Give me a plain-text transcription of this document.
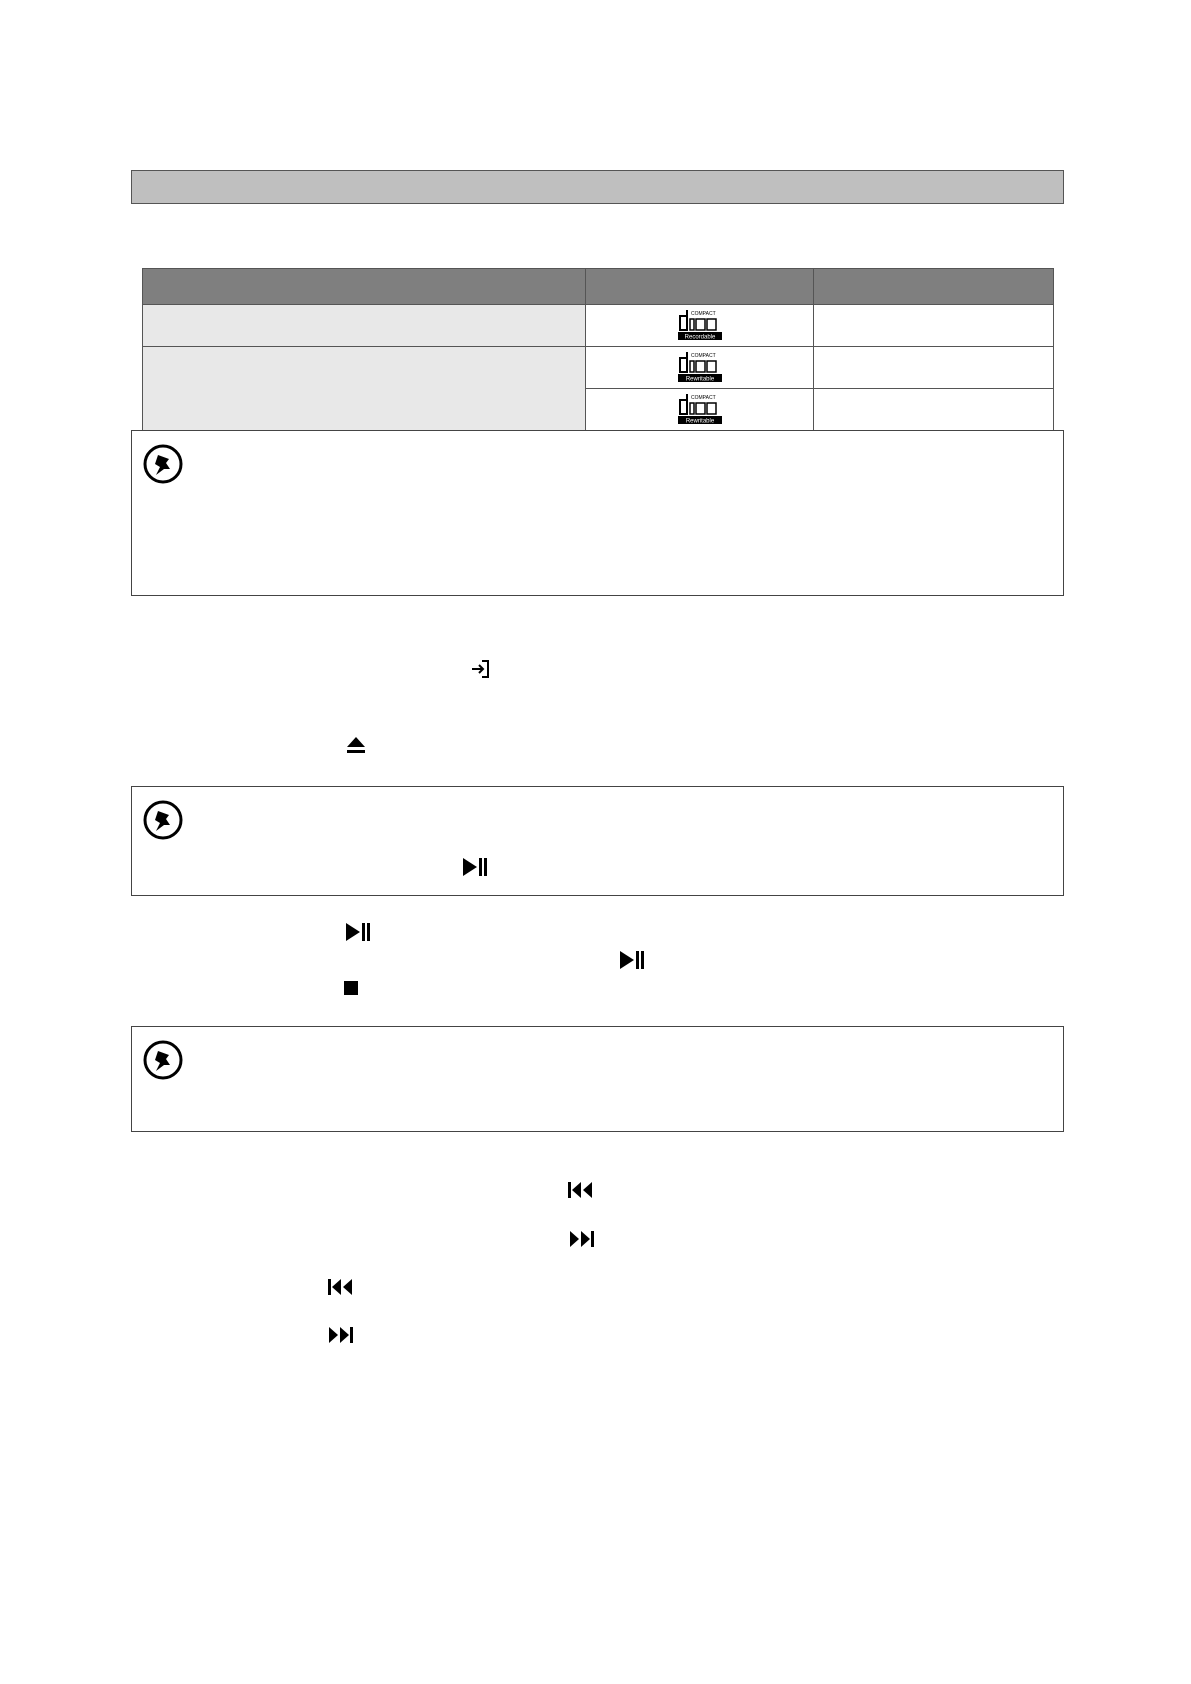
COMPACT
Recordable	

COMPACT
Rewritable	

COMPACT
Rewritable	
